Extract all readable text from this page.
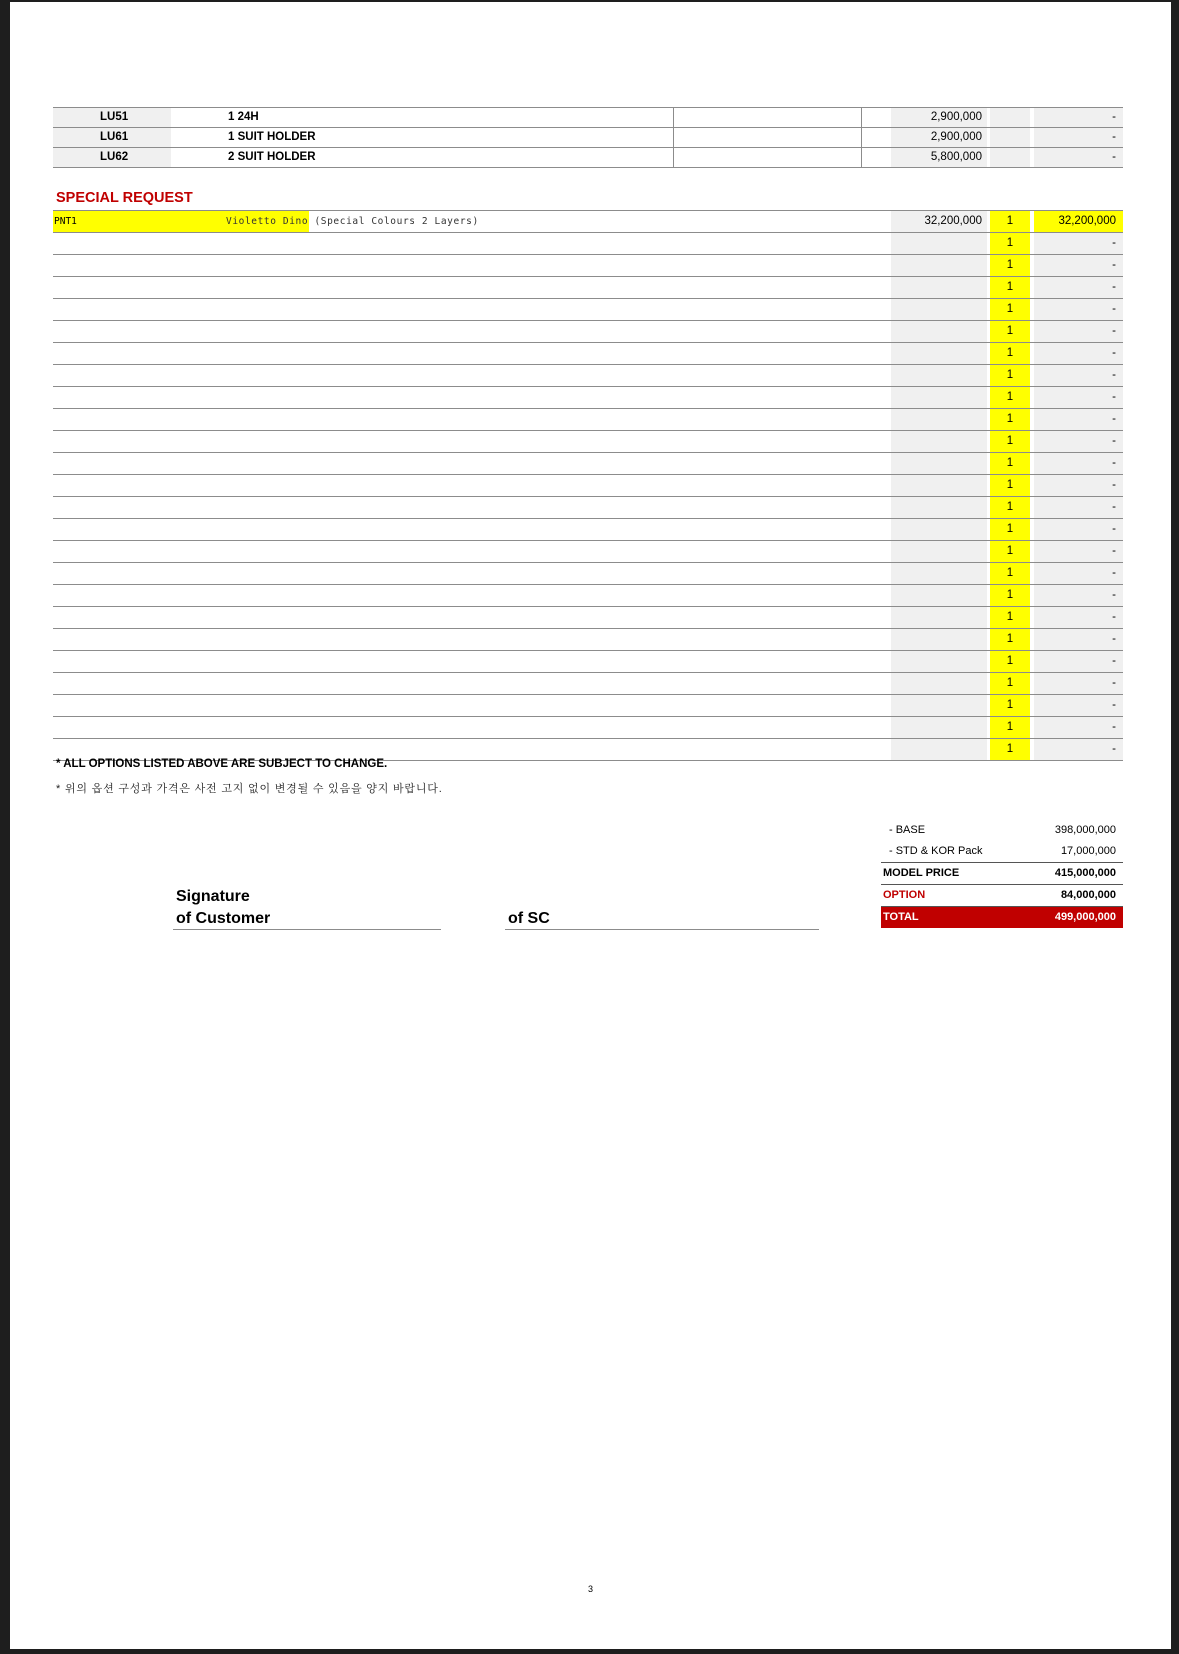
LU51	1 24H	2,900,000	-
LU61	1 SUIT HOLDER	2,900,000	-
LU62	2 SUIT HOLDER	5,800,000	-
SPECIAL REQUEST
PNT1	Violetto Dino (Special Colours 2 Layers)	32,200,000	1	32,200,000
1	-
1	-
1	-
1	-
1	-
1	-
1	-
1	-
1	-
1	-
1	-
1	-
1	-
1	-
1	-
1	-
1	-
1	-
1	-
1	-
1	-
1	-
1	-
1	-
* ALL OPTIONS LISTED ABOVE ARE SUBJECT TO CHANGE.
* 위의 옵션 구성과 가격은 사전 고지 없이 변경될 수 있음을 양지 바랍니다.
Signature
of Customer	of SC
- BASE	398,000,000
- STD & KOR Pack	17,000,000
MODEL PRICE	415,000,000
OPTION	84,000,000
TOTAL	499,000,000
3
